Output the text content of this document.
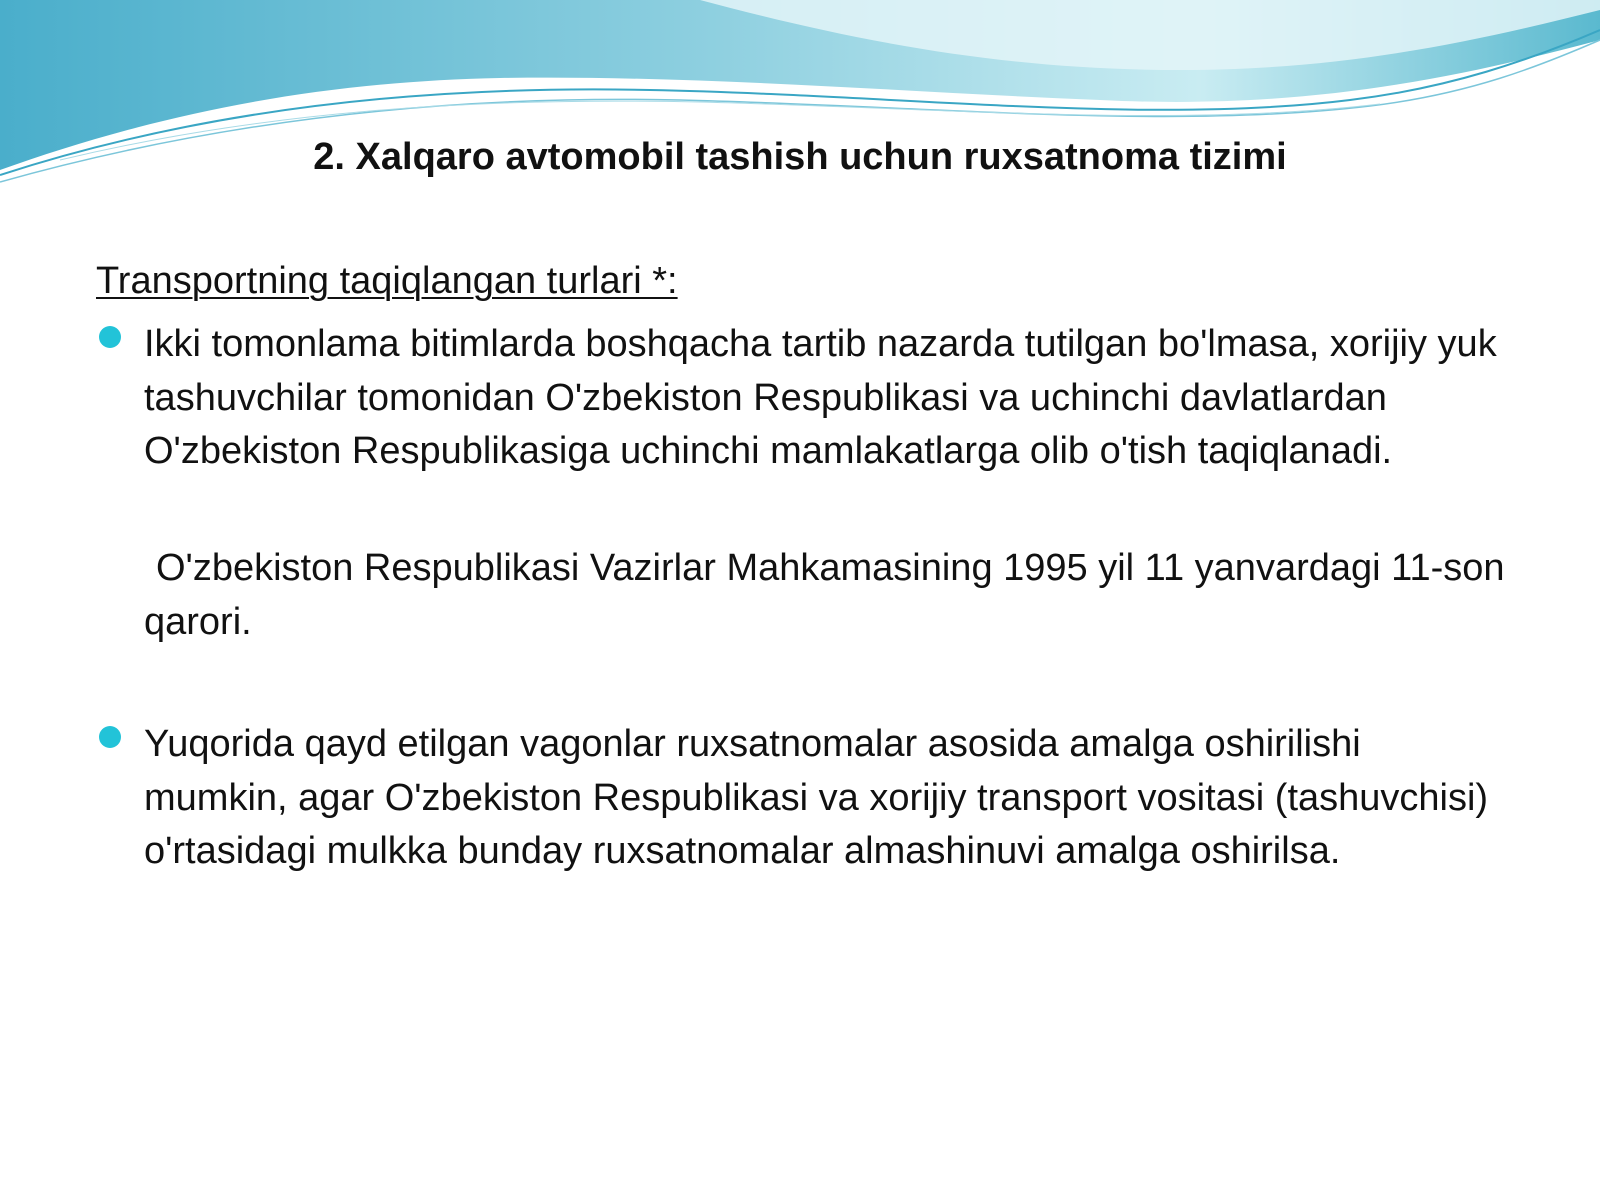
2. Xalqaro avtomobil tashish uchun ruxsatnoma tizimi
Transportning taqiqlangan turlari *:
Ikki tomonlama bitimlarda boshqacha tartib nazarda tutilgan bo'lmasa, xorijiy yuk tashuvchilar tomonidan O'zbekiston Respublikasi va uchinchi davlatlardan O'zbekiston Respublikasiga uchinchi mamlakatlarga olib o'tish taqiqlanadi.
O'zbekiston Respublikasi Vazirlar Mahkamasining 1995 yil 11 yanvardagi 11-son qarori.
Yuqorida qayd etilgan vagonlar ruxsatnomalar asosida amalga oshirilishi mumkin, agar O'zbekiston Respublikasi va xorijiy transport vositasi (tashuvchisi) o'rtasidagi mulkka bunday ruxsatnomalar almashinuvi amalga oshirilsa.
